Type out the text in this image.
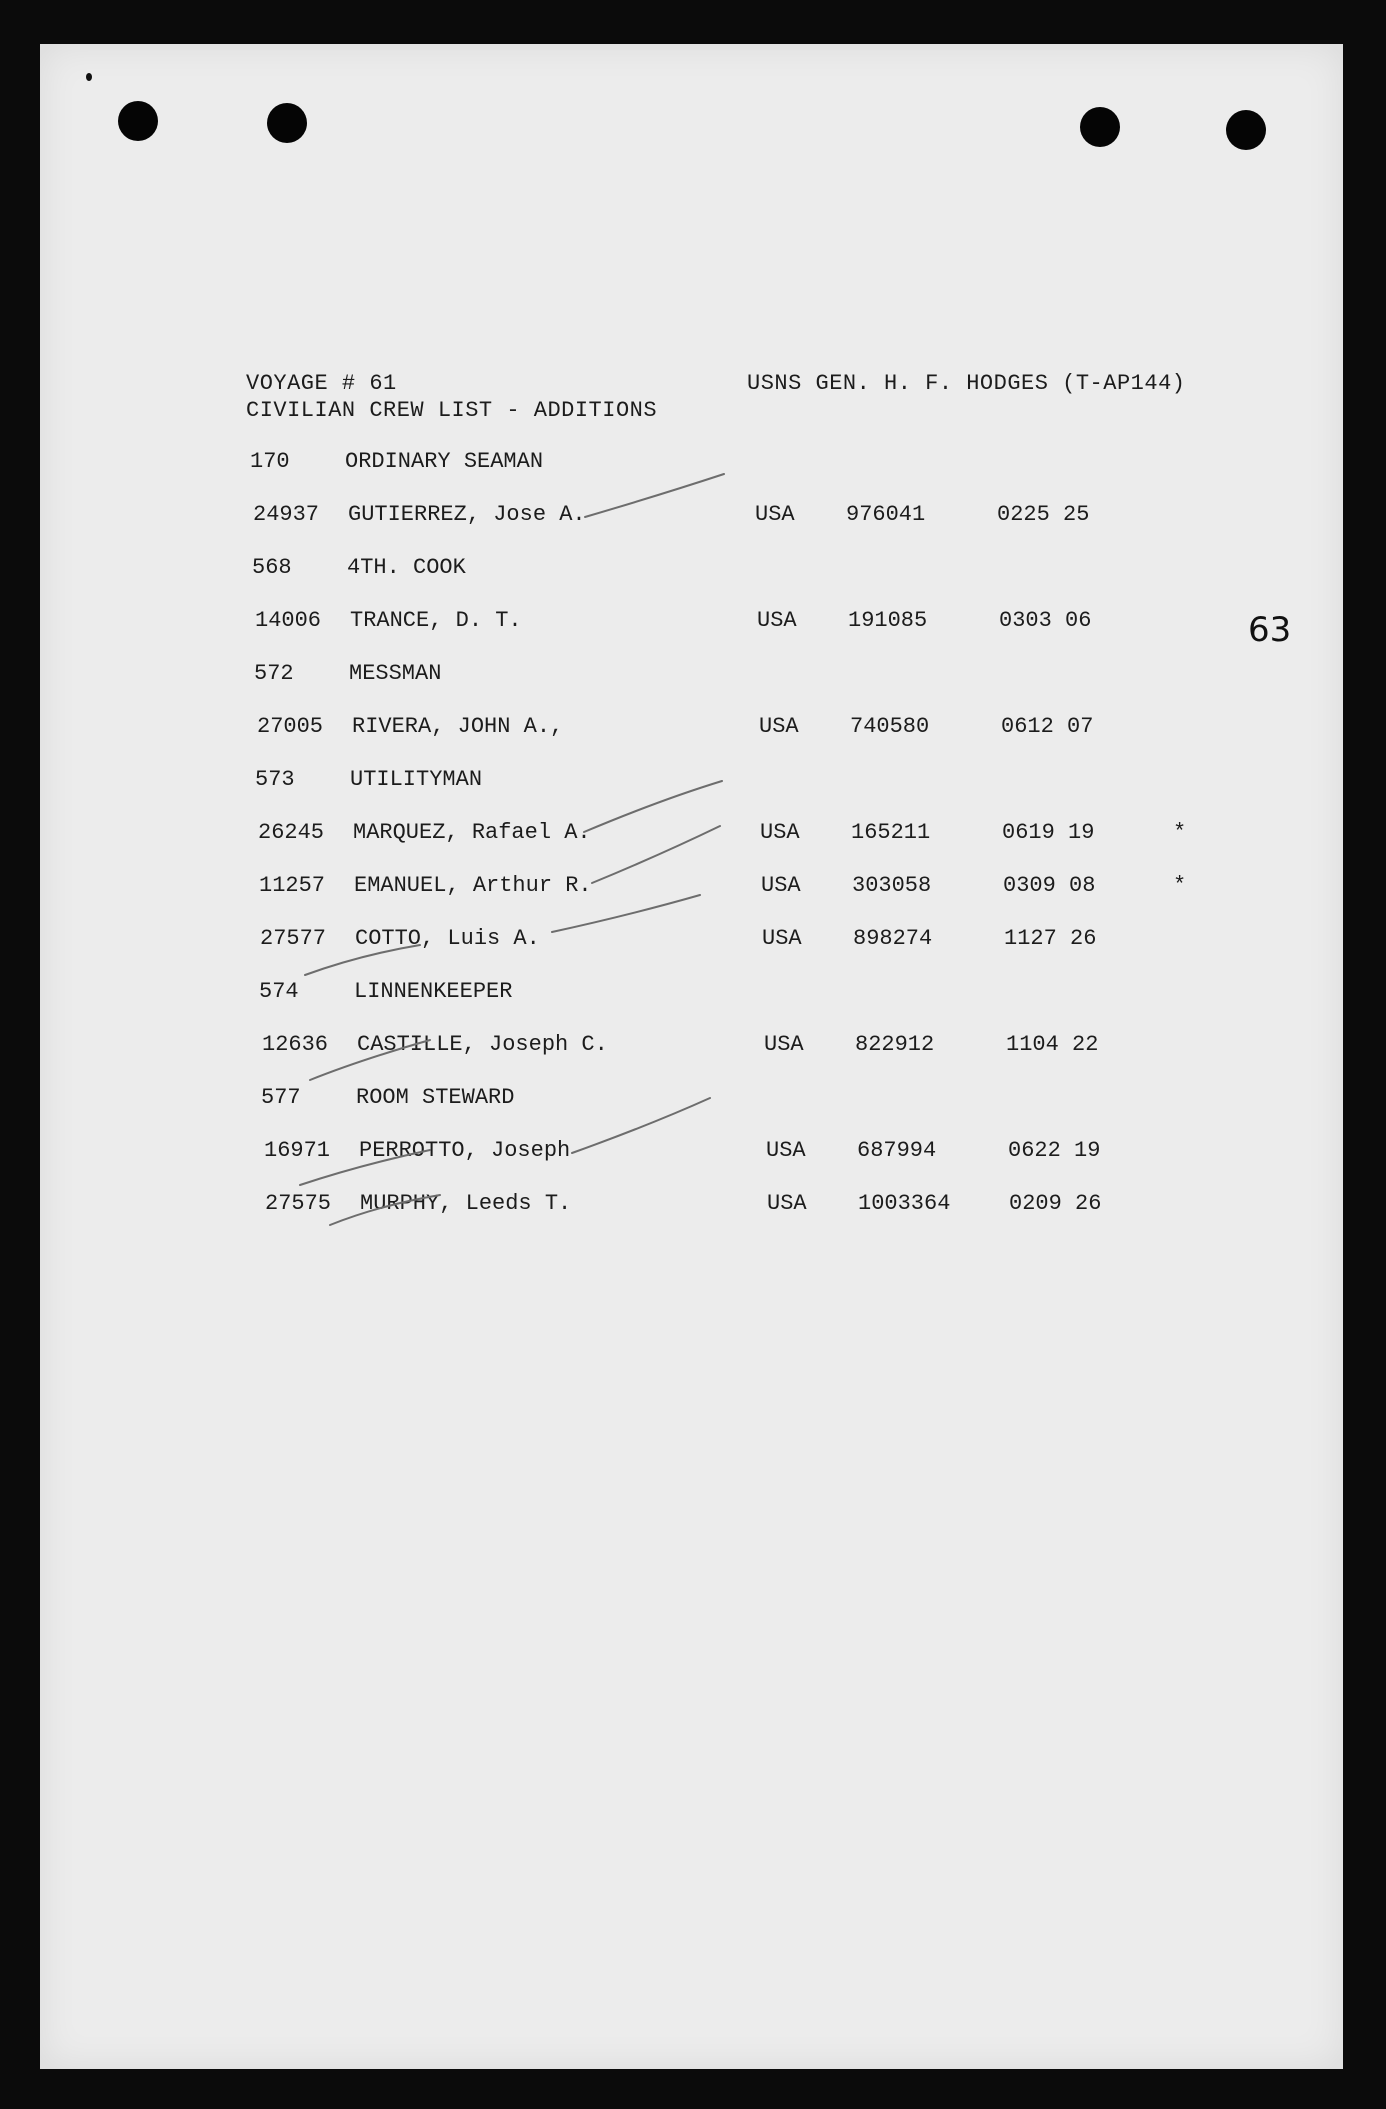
VOYAGE # 61
CIVILIAN CREW LIST - ADDITIONS
USNS GEN. H. F. HODGES (T-AP144)
63
170	ORDINARY SEAMAN
24937 GUTIERREZ, Jose A.	USA 976041	0225 25
568	4TH. COOK
14006 TRANCE, D. T.	USA 191085	0303 06
572	MESSMAN
27005 RIVERA, JOHN A.,	USA 740580	0612 07
573	UTILITYMAN
26245 MARQUEZ, Rafael A.	USA 165211	0619 19	*
11257 EMANUEL, Arthur R.	USA 303058	0309 08	*
27577 COTTO, Luis A.	USA 898274	1127 26
574	LINNENKEEPER
12636 CASTILLE, Joseph C.	USA 822912	1104 22
577	ROOM STEWARD
16971 PERROTTO, Joseph	USA 687994	0622 19
27575 MURPHY, Leeds T.	USA 1003364	0209 26
